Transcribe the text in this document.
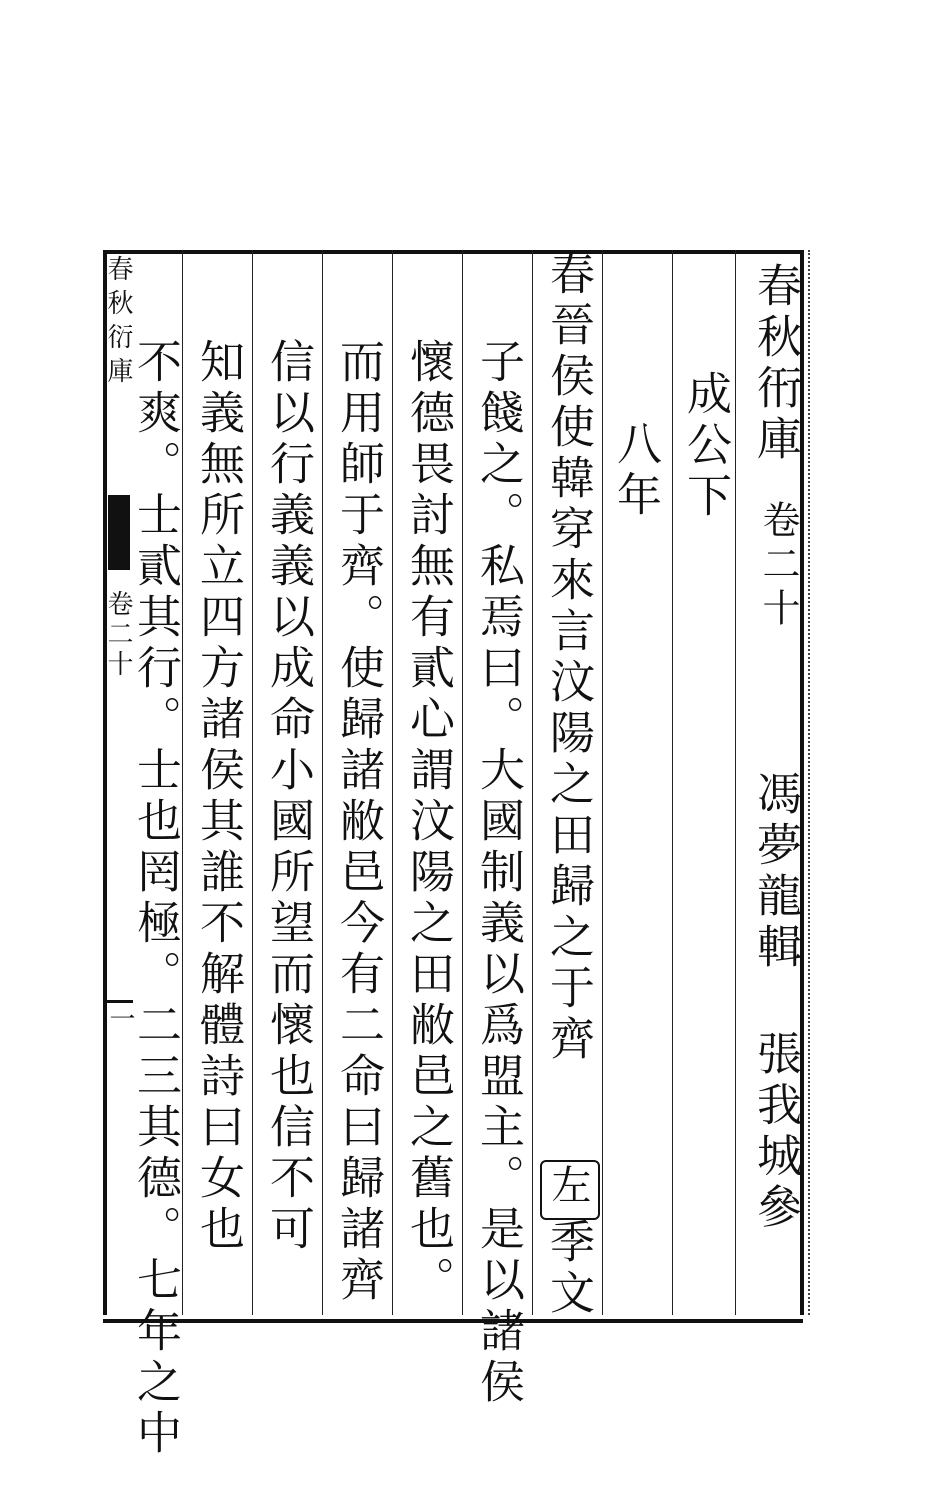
春秋衍庫
卷二十
一
春秋衎庫
卷二十
馮夢龍輯
張我城參
成公下
八年
春晉侯使韓穿來言汶陽之田歸之于齊
左
季文
子餞之。私焉曰。大國制義以爲盟主。是以諸侯
懷德畏討無有貳心謂汶陽之田敝邑之舊也。
而用師于齊。使歸諸敝邑今有二命曰歸諸齊
信以行義義以成命小國所望而懷也信不可
知義無所立四方諸侯其誰不解體詩曰女也
不爽。士貳其行。士也罔極。二三其德。七年之中
